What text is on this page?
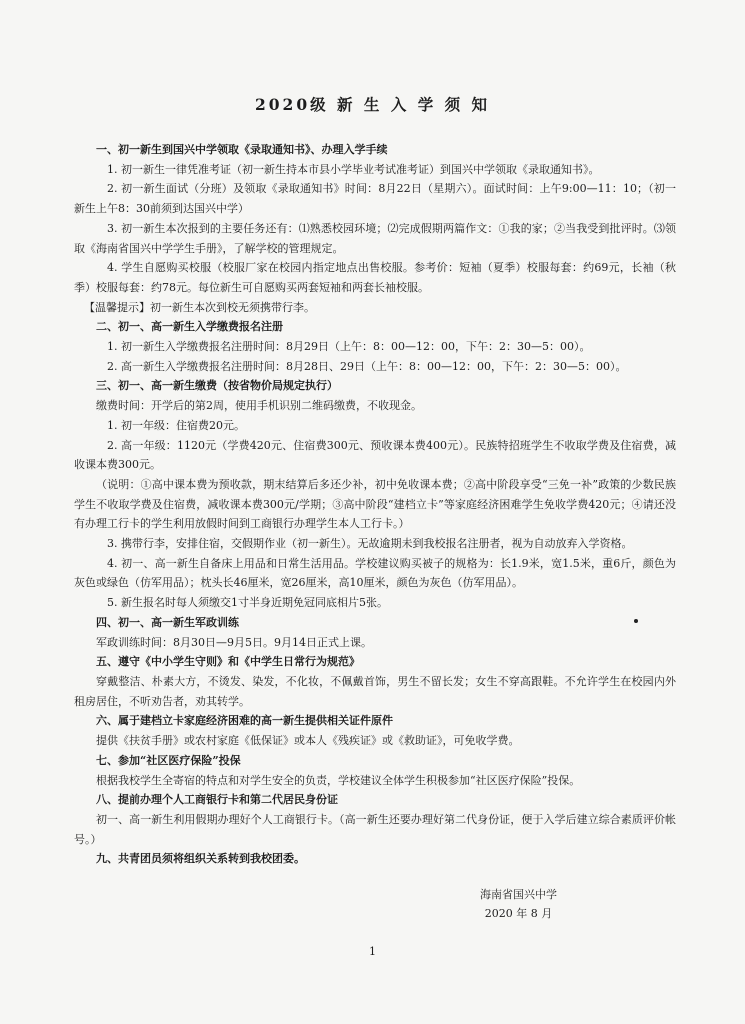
2020级 新 生 入 学 须 知

一、初一新生到国兴中学领取《录取通知书》、办理入学手续

1. 初一新生一律凭准考证（初一新生持本市县小学毕业考试准考证）到国兴中学领取《录取通知书》。

2. 初一新生面试（分班）及领取《录取通知书》时间：8月22日（星期六）。面试时间：上午9:00—11：10；（初一新生上午8：30前须到达国兴中学）

3. 初一新生本次报到的主要任务还有：⑴熟悉校园环境；⑵完成假期两篇作文：①我的家；②当我受到批评时。⑶领取《海南省国兴中学学生手册》，了解学校的管理规定。

4. 学生自愿购买校服（校服厂家在校园内指定地点出售校服。参考价：短袖（夏季）校服每套：约69元，长袖（秋季）校服每套：约78元。每位新生可自愿购买两套短袖和两套长袖校服。

【温馨提示】初一新生本次到校无须携带行李。

二、初一、高一新生入学缴费报名注册

1. 初一新生入学缴费报名注册时间：8月29日（上午：8：00—12：00，下午：2：30—5：00）。

2. 高一新生入学缴费报名注册时间：8月28日、29日（上午：8：00—12：00，下午：2：30—5：00）。

三、初一、高一新生缴费（按省物价局规定执行）

缴费时间：开学后的第2周，使用手机识别二维码缴费，不收现金。

1. 初一年级：住宿费20元。

2. 高一年级：1120元（学费420元、住宿费300元、预收课本费400元）。民族特招班学生不收取学费及住宿费，减收课本费300元。

（说明：①高中课本费为预收款，期末结算后多还少补，初中免收课本费；②高中阶段享受“三免一补”政策的少数民族学生不收取学费及住宿费，减收课本费300元/学期；③高中阶段“建档立卡”等家庭经济困难学生免收学费420元；④请还没有办理工行卡的学生利用放假时间到工商银行办理学生本人工行卡。）

3. 携带行李，安排住宿，交假期作业（初一新生）。无故逾期未到我校报名注册者，视为自动放弃入学资格。

4. 初一、高一新生自备床上用品和日常生活用品。学校建议购买被子的规格为：长1.9米，宽1.5米，重6斤，颜色为灰色或绿色（仿军用品）；枕头长46厘米，宽26厘米，高10厘米，颜色为灰色（仿军用品）。

5. 新生报名时每人须缴交1寸半身近期免冠同底相片5张。

四、初一、高一新生军政训练

军政训练时间：8月30日—9月5日。9月14日正式上课。

五、遵守《中小学生守则》和《中学生日常行为规范》

穿戴整洁、朴素大方，不烫发、染发，不化妆，不佩戴首饰，男生不留长发；女生不穿高跟鞋。不允许学生在校园内外租房居住，不听劝告者，劝其转学。

六、属于建档立卡家庭经济困难的高一新生提供相关证件原件

提供《扶贫手册》或农村家庭《低保证》或本人《残疾证》或《救助证》，可免收学费。

七、参加“社区医疗保险”投保

根据我校学生全寄宿的特点和对学生安全的负责，学校建议全体学生积极参加“社区医疗保险”投保。

八、提前办理个人工商银行卡和第二代居民身份证

初一、高一新生利用假期办理好个人工商银行卡。（高一新生还要办理好第二代身份证，便于入学后建立综合素质评价帐号。）

九、共青团员须将组织关系转到我校团委。

海南省国兴中学
2020 年 8 月
1
